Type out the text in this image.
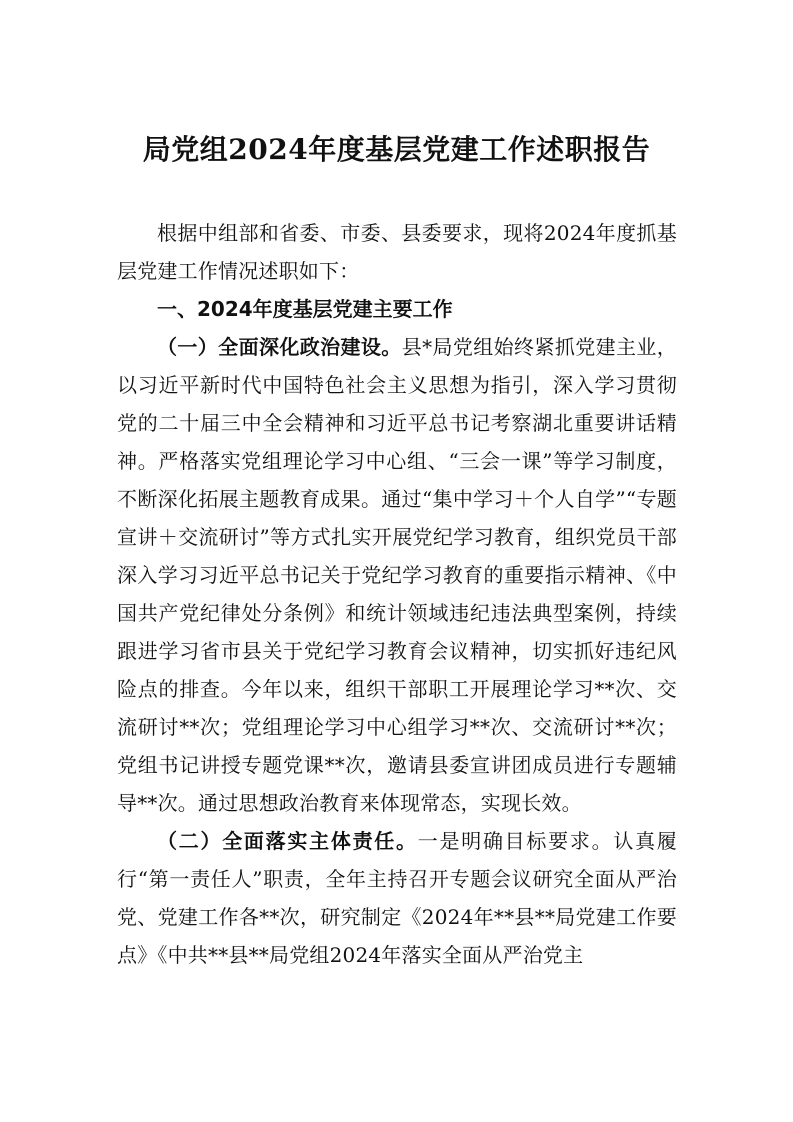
局党组2024年度基层党建工作述职报告

根据中组部和省委、市委、县委要求，现将2024年度抓基层党建工作情况述职如下：

一、2024年度基层党建主要工作

（一）全面深化政治建设。县*局党组始终紧抓党建主业，以习近平新时代中国特色社会主义思想为指引，深入学习贯彻党的二十届三中全会精神和习近平总书记考察湖北重要讲话精神。严格落实党组理论学习中心组、“三会一课”等学习制度，不断深化拓展主题教育成果。通过“集中学习＋个人自学”“专题宣讲＋交流研讨”等方式扎实开展党纪学习教育，组织党员干部深入学习习近平总书记关于党纪学习教育的重要指示精神、《中国共产党纪律处分条例》和统计领域违纪违法典型案例，持续跟进学习省市县关于党纪学习教育会议精神，切实抓好违纪风险点的排查。今年以来，组织干部职工开展理论学习**次、交流研讨**次；党组理论学习中心组学习**次、交流研讨**次；党组书记讲授专题党课**次，邀请县委宣讲团成员进行专题辅导**次。通过思想政治教育来体现常态，实现长效。

（二）全面落实主体责任。一是明确目标要求。认真履行“第一责任人”职责，全年主持召开专题会议研究全面从严治党、党建工作各**次，研究制定《2024年**县**局党建工作要点》《中共**县**局党组2024年落实全面从严治党主
